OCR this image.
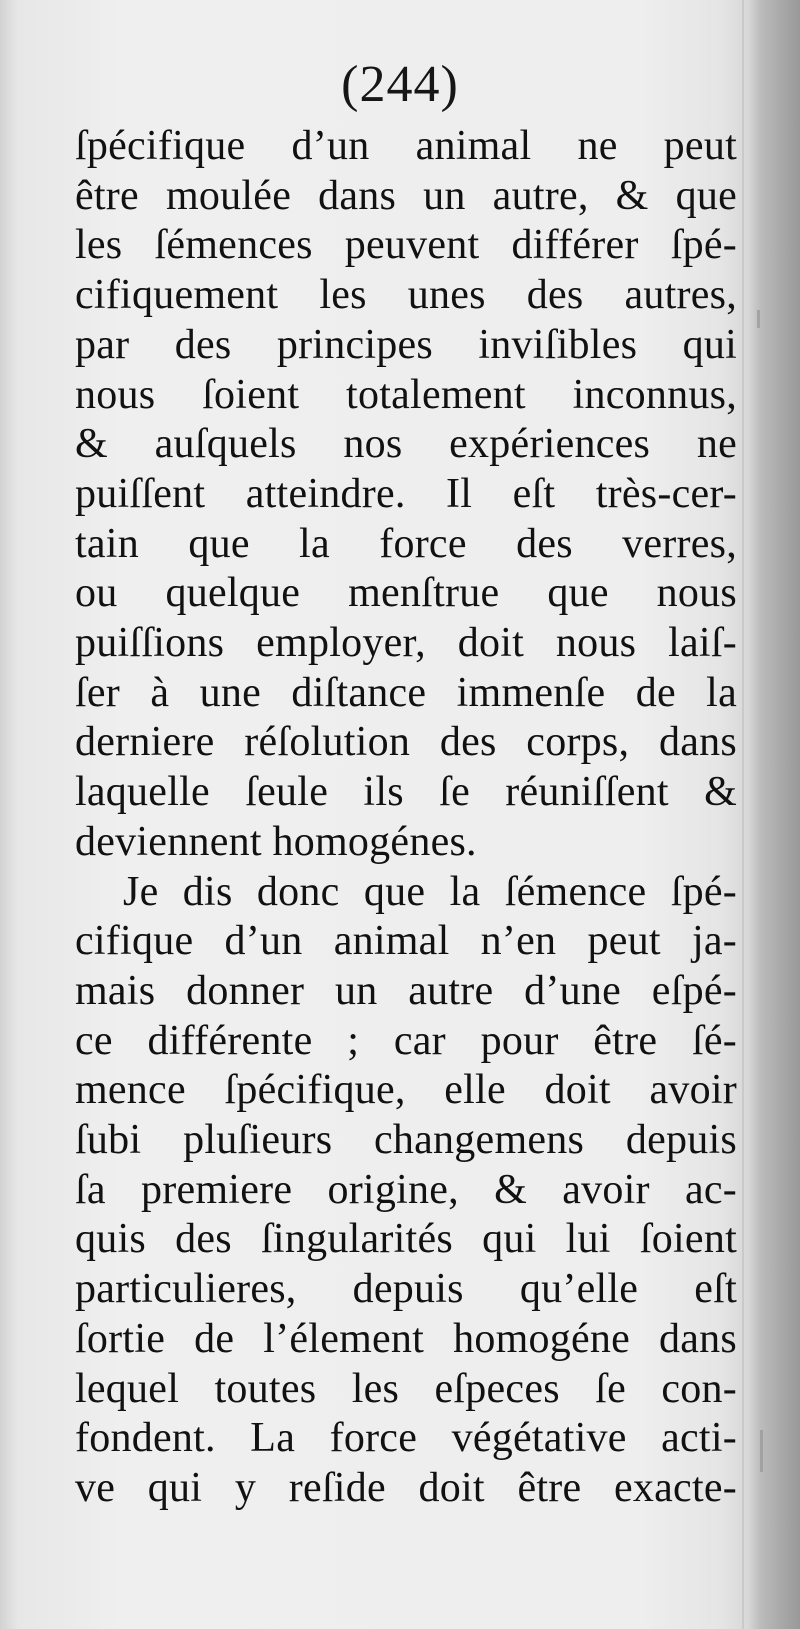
(244)
ſpécifique d’un animal ne peut
être moulée dans un autre, & que
les ſémences peuvent différer ſpé-
cifiquement les unes des autres,
par des principes inviſibles qui
nous ſoient totalement inconnus,
& auſquels nos expériences ne
puiſſent atteindre. Il eſt très-cer-
tain que la force des verres,
ou quelque menſtrue que nous
puiſſions employer, doit nous laiſ-
ſer à une diſtance immenſe de la
derniere réſolution des corps, dans
laquelle ſeule ils ſe réuniſſent &
deviennent homogénes.
Je dis donc que la ſémence ſpé-
cifique d’un animal n’en peut ja-
mais donner un autre d’une eſpé-
ce différente ; car pour être ſé-
mence ſpécifique, elle doit avoir
ſubi pluſieurs changemens depuis
ſa premiere origine, & avoir ac-
quis des ſingularités qui lui ſoient
particulieres, depuis qu’elle eſt
ſortie de l’élement homogéne dans
lequel toutes les eſpeces ſe con-
fondent. La force végétative acti-
ve qui y reſide doit être exacte-
